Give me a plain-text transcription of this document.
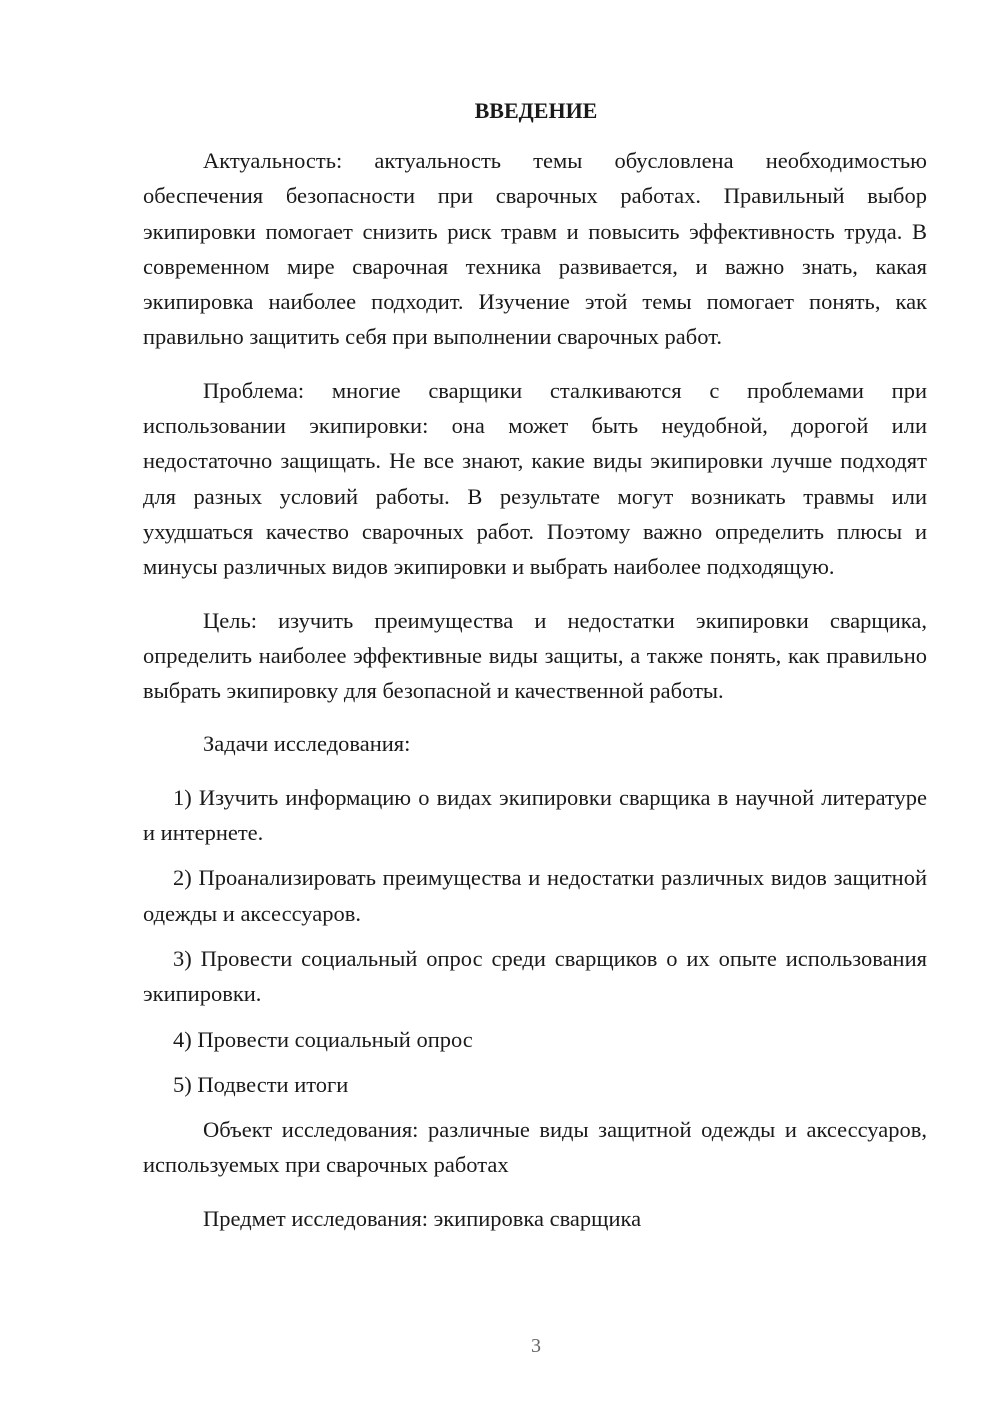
ВВЕДЕНИЕ

Актуальность: актуальность темы обусловлена необходимостью обеспечения безопасности при сварочных работах. Правильный выбор экипировки помогает снизить риск травм и повысить эффективность труда. В современном мире сварочная техника развивается, и важно знать, какая экипировка наиболее подходит. Изучение этой темы помогает понять, как правильно защитить себя при выполнении сварочных работ.

Проблема: многие сварщики сталкиваются с проблемами при использовании экипировки: она может быть неудобной, дорогой или недостаточно защищать. Не все знают, какие виды экипировки лучше подходят для разных условий работы. В результате могут возникать травмы или ухудшаться качество сварочных работ. Поэтому важно определить плюсы и минусы различных видов экипировки и выбрать наиболее подходящую.

Цель: изучить преимущества и недостатки экипировки сварщика, определить наиболее эффективные виды защиты, а также понять, как правильно выбрать экипировку для безопасной и качественной работы.

Задачи исследования:

1) Изучить информацию о видах экипировки сварщика в научной литературе и интернете.

2) Проанализировать преимущества и недостатки различных видов защитной одежды и аксессуаров.

3) Провести социальный опрос среди сварщиков о их опыте использования экипировки.

4) Провести социальный опрос

5) Подвести итоги

Объект исследования: различные виды защитной одежды и аксессуаров, используемых при сварочных работах

Предмет исследования: экипировка сварщика

3
